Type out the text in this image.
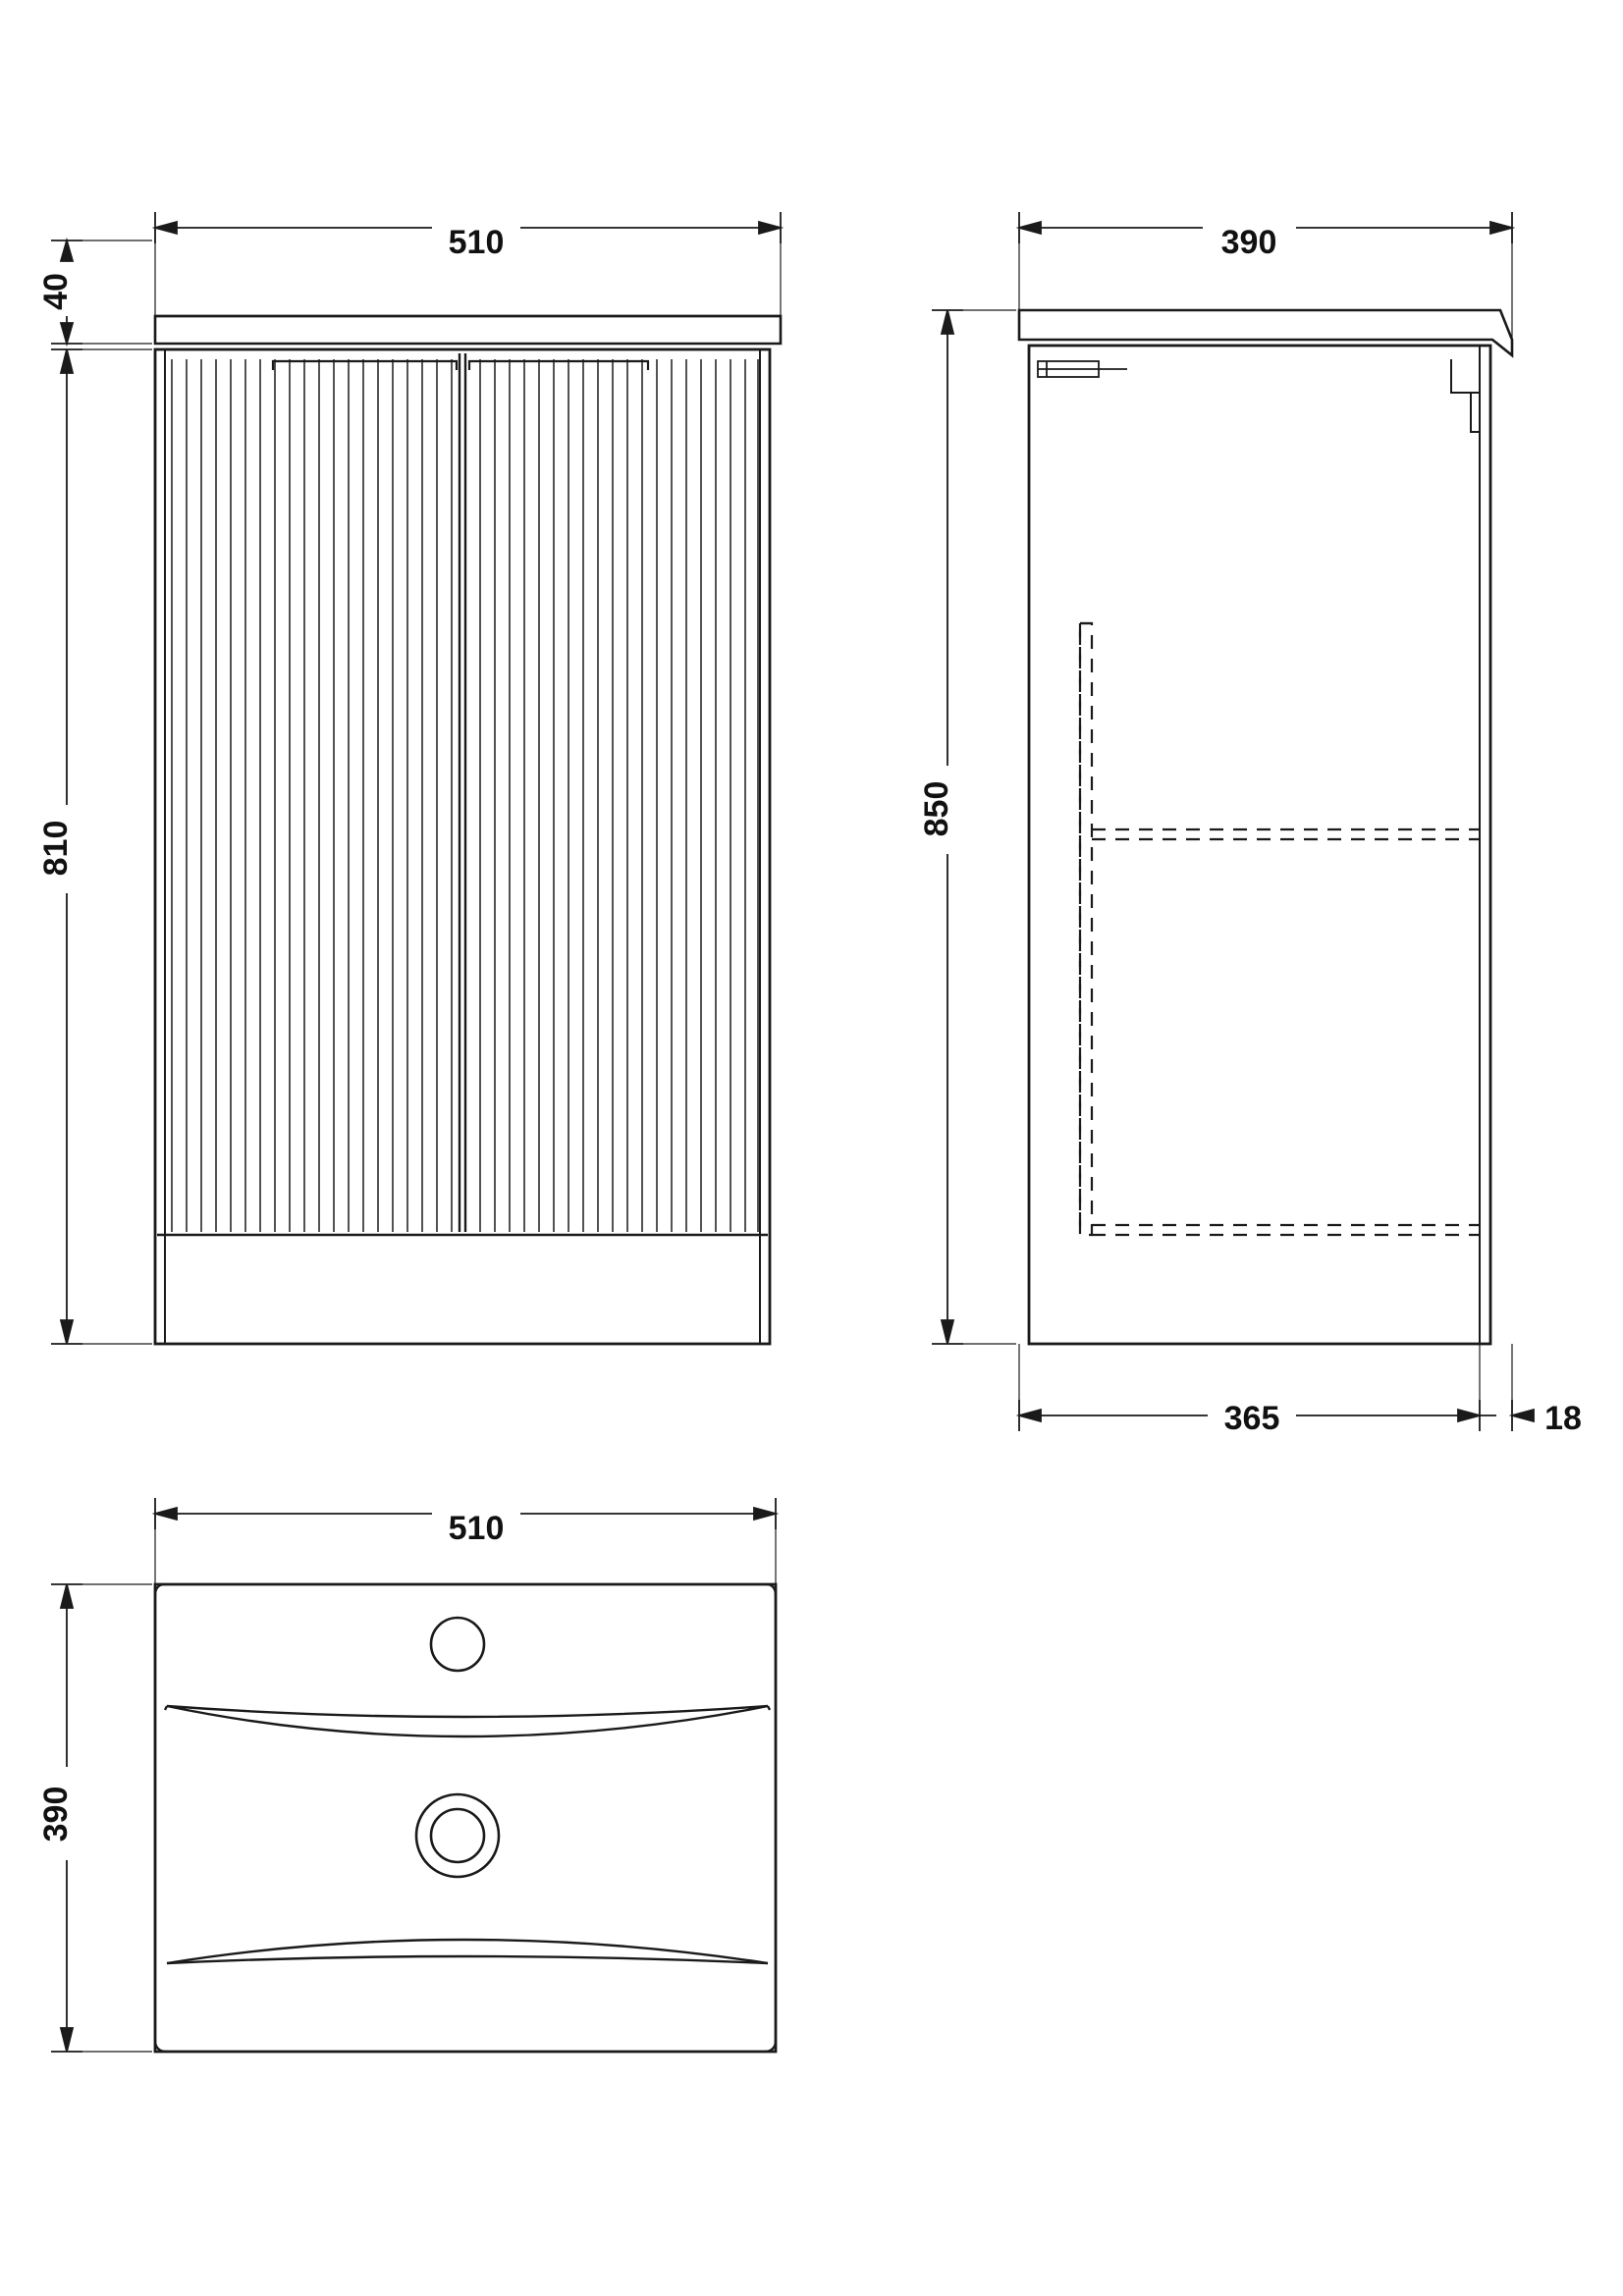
510
40
810
390
850
365	18
510
390
